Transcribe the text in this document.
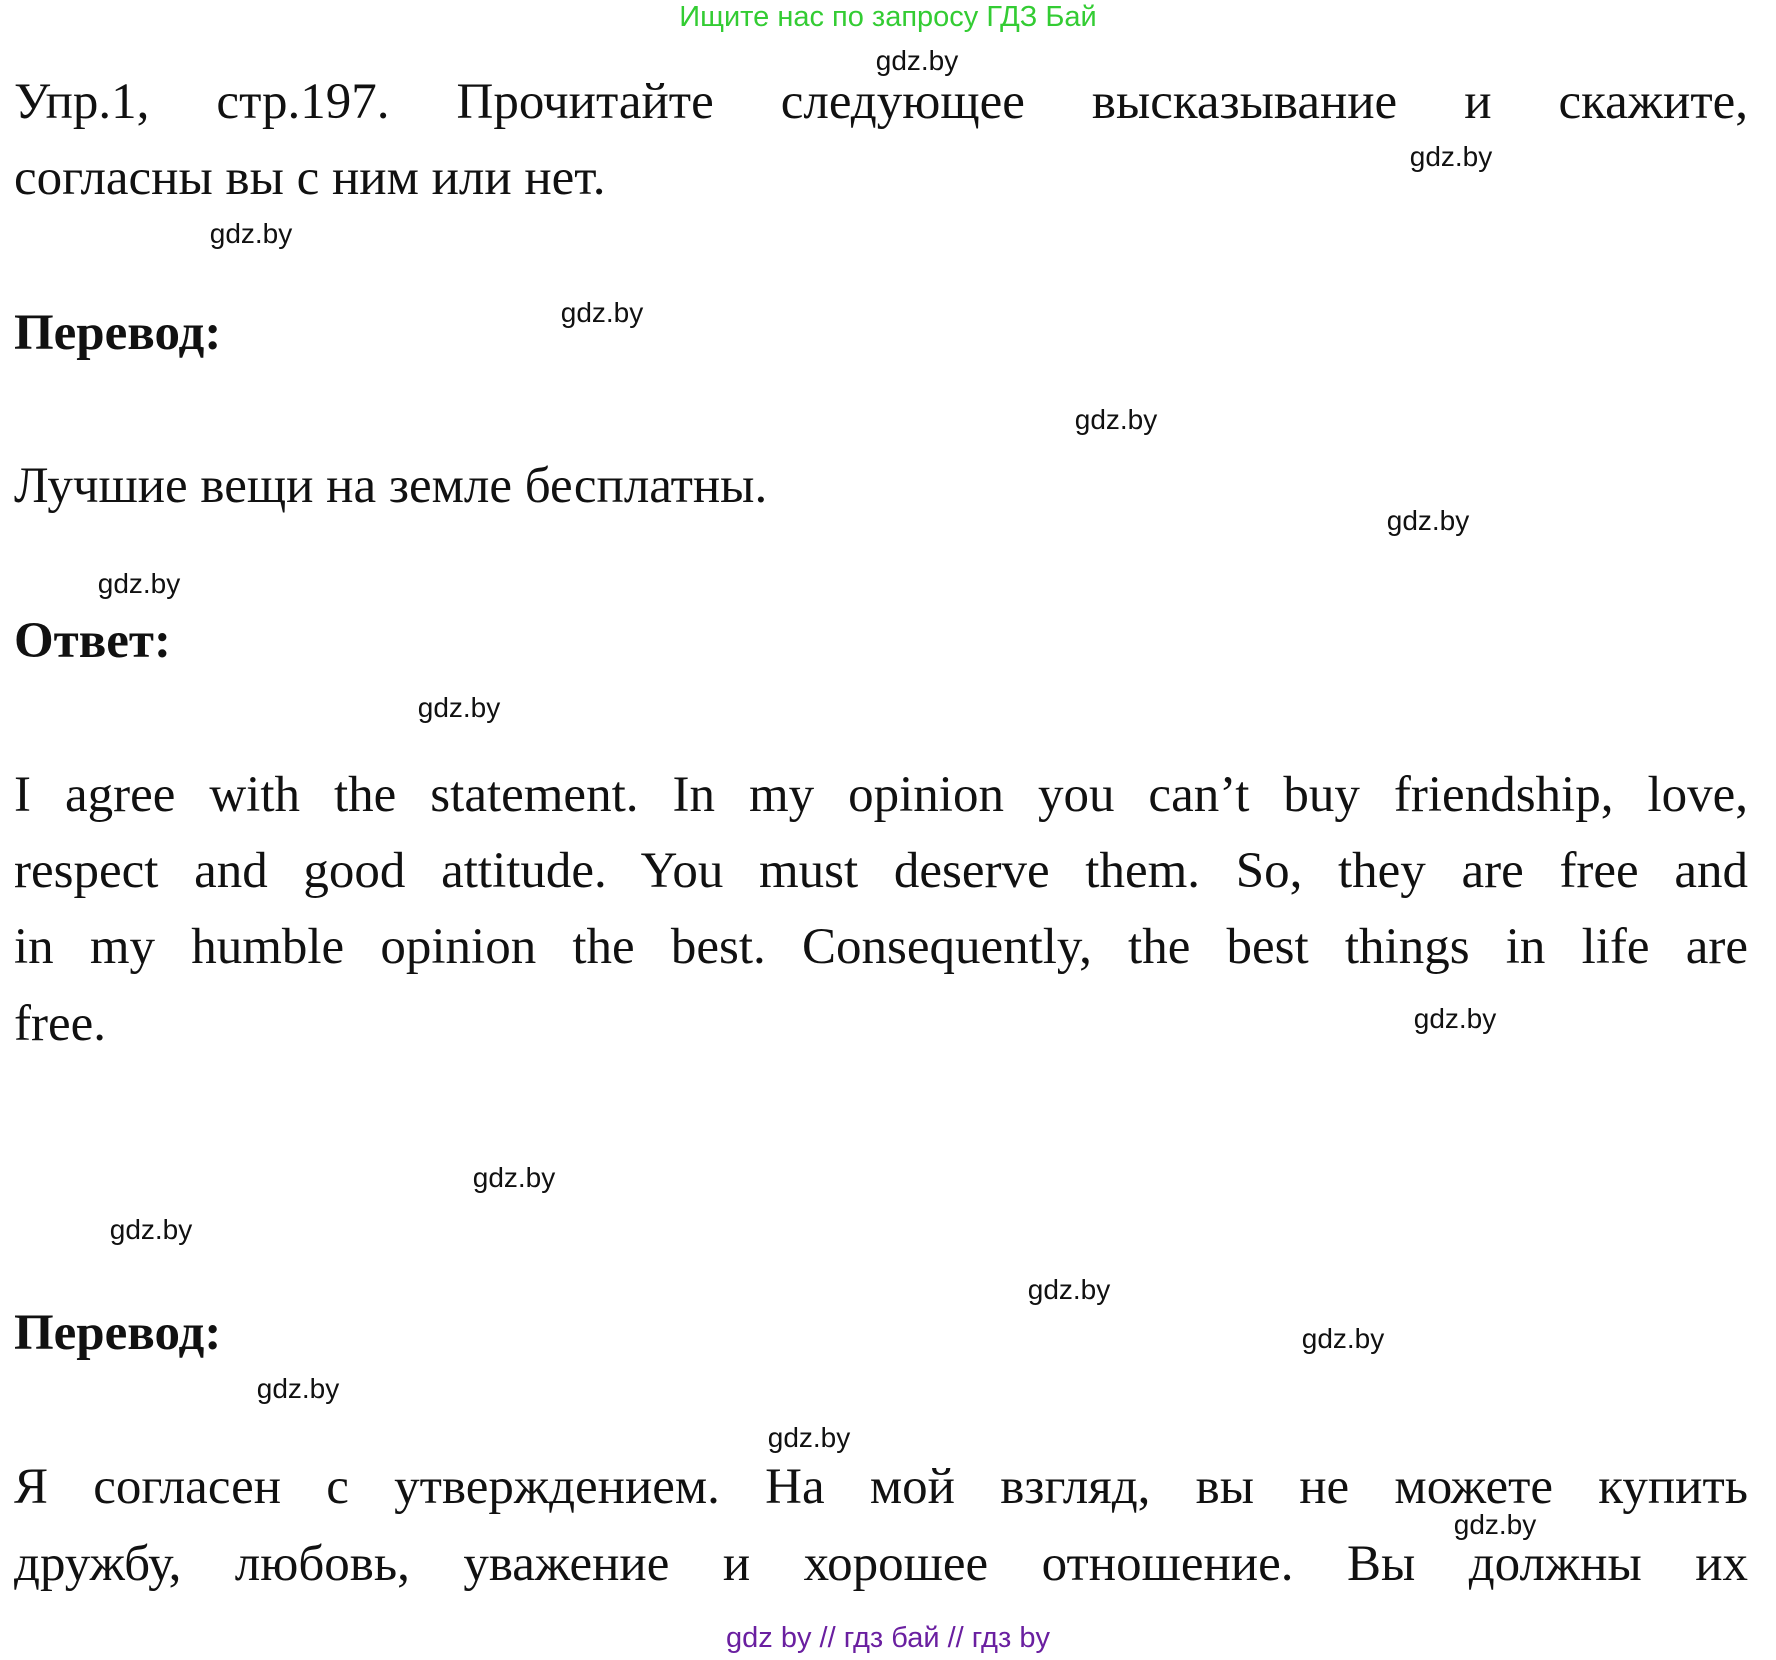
Ищите нас по запросу ГДЗ Бай
Упр.1, стр.197. Прочитайте следующее высказывание и скажите,
согласны вы с ним или нет.
Перевод:
Лучшие вещи на земле бесплатны.
Ответ:
I agree with the statement. In my opinion you can’t buy friendship, love,
respect and good attitude. You must deserve them. So, they are free and
in my humble opinion the best. Consequently, the best things in life are
free.
Перевод:
Я согласен с утверждением. На мой взгляд, вы не можете купить
дружбу, любовь, уважение и хорошее отношение. Вы должны их
gdz.by
gdz.by
gdz.by
gdz.by
gdz.by
gdz.by
gdz.by
gdz.by
gdz.by
gdz.by
gdz.by
gdz.by
gdz.by
gdz.by
gdz.by
gdz.by
gdz by // гдз бай // гдз by
